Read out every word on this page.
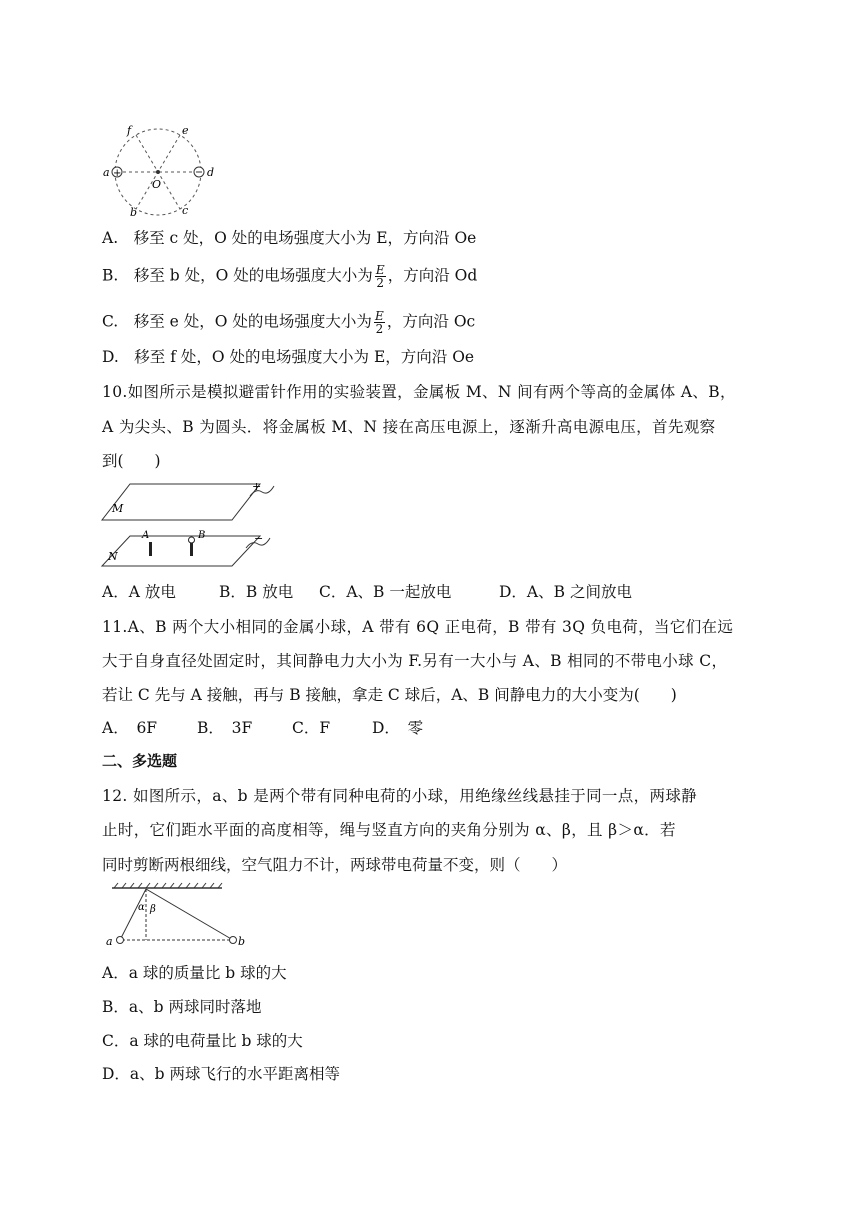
+
a	d
f	e
b	c
O
A.　移至 c 处，O 处的电场强度大小为 E，方向沿 Oe
B.　移至 b 处，O 处的电场强度大小为 $\frac{E}{2}$ ，方向沿 Od
C.　移至 e 处，O 处的电场强度大小为 $\frac{E}{2}$ ，方向沿 Oc
D.　移至 f 处，O 处的电场强度大小为 E，方向沿 Oe
10.如图所示是模拟避雷针作用的实验装置，金属板 M、N 间有两个等高的金属体 A、B，
A 为尖头、B 为圆头．将金属板 M、N 接在高压电源上，逐渐升高电源电压，首先观察
到(　　)
+
M
−
N
A	B
A．A 放电	B．B 放电 C．A、B 一起放电	D．A、B 之间放电
11.A、B 两个大小相同的金属小球，A 带有 6Q 正电荷，B 带有 3Q 负电荷，当它们在远
大于自身直径处固定时，其间静电力大小为 F.另有一大小与 A、B 相同的不带电小球 C，
若让 C 先与 A 接触，再与 B 接触，拿走 C 球后，A、B 间静电力的大小变为(　　)
A．　6F	B．　3F	C．F	D．　零
二、多选题
12. 如图所示，a、b 是两个带有同种电荷的小球，用绝缘丝线悬挂于同一点，两球静
止时，它们距水平面的高度相等，绳与竖直方向的夹角分别为 α、β，且 β＞α．若
同时剪断两根细线，空气阻力不计，两球带电荷量不变，则（　　）
α β
a	b
A．a 球的质量比 b 球的大
B．a、b 两球同时落地
C．a 球的电荷量比 b 球的大
D．a、b 两球飞行的水平距离相等
